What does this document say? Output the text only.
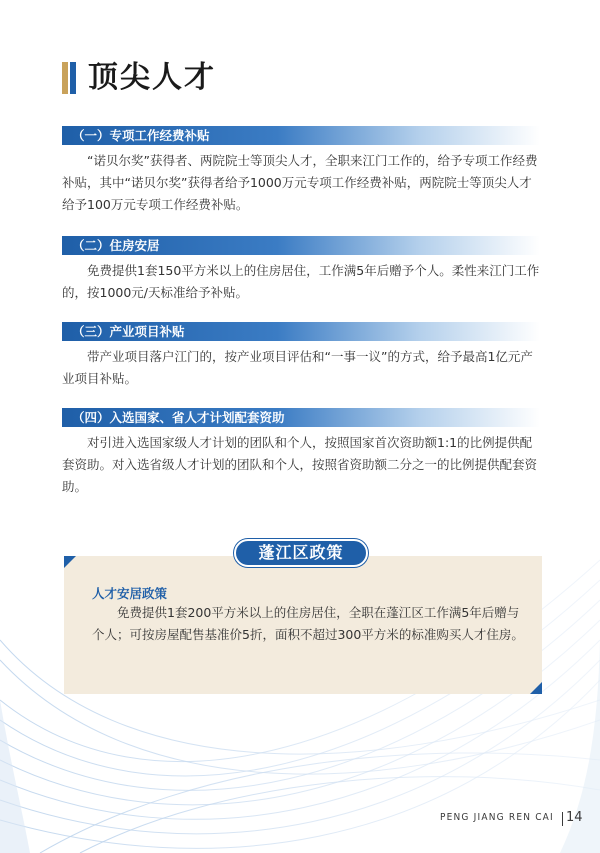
顶尖人才
（一）专项工作经费补贴

“诺贝尔奖”获得者、两院院士等顶尖人才，全职来江门工作的，给予专项工作经费补贴，其中“诺贝尔奖”获得者给予1000万元专项工作经费补贴，两院院士等顶尖人才给予100万元专项工作经费补贴。

（二）住房安居

免费提供1套150平方米以上的住房居住，工作满5年后赠予个人。柔性来江门工作的，按1000元/天标准给予补贴。

（三）产业项目补贴

带产业项目落户江门的，按产业项目评估和“一事一议”的方式，给予最高1亿元产业项目补贴。

（四）入选国家、省人才计划配套资助

对引进入选国家级人才计划的团队和个人，按照国家首次资助额1:1的比例提供配套资助。对入选省级人才计划的团队和个人，按照省资助额二分之一的比例提供配套资助。

蓬江区政策
人才安居政策

免费提供1套200平方米以上的住房居住，全职在蓬江区工作满5年后赠与个人；可按房屋配售基准价5折，面积不超过300平方米的标准购买人才住房。

PENG JIANG REN CAI 14
